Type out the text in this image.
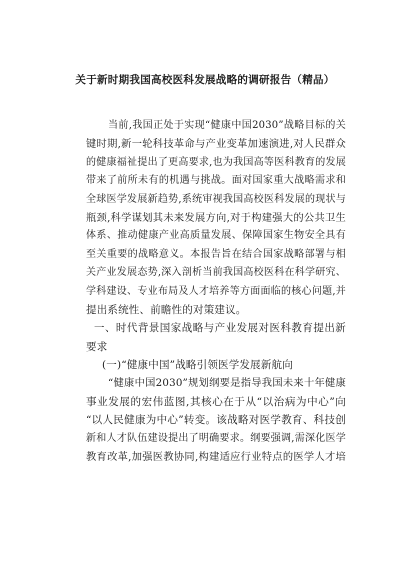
关于新时期我国高校医科发展战略的调研报告（精品）
当前,我国正处于实现“健康中国2030”战略目标的关
键时期,新一轮科技革命与产业变革加速演进,对人民群众
的健康福祉提出了更高要求,也为我国高等医科教育的发展
带来了前所未有的机遇与挑战。面对国家重大战略需求和
全球医学发展新趋势,系统审视我国高校医科发展的现状与
瓶颈,科学谋划其未来发展方向,对于构建强大的公共卫生
体系、推动健康产业高质量发展、保障国家生物安全具有
至关重要的战略意义。本报告旨在结合国家战略部署与相
关产业发展态势,深入剖析当前我国高校医科在科学研究、
学科建设、专业布局及人才培养等方面面临的核心问题,并
提出系统性、前瞻性的对策建议。
一、时代背景国家战略与产业发展对医科教育提出新
要求
(一)“健康中国”战略引领医学发展新航向
“健康中国2030”规划纲要是指导我国未来十年健康
事业发展的宏伟蓝图,其核心在于从“以治病为中心”向
“以人民健康为中心”转变。该战略对医学教育、科技创
新和人才队伍建设提出了明确要求。纲要强调,需深化医学
教育改革,加强医教协同,构建适应行业特点的医学人才培
